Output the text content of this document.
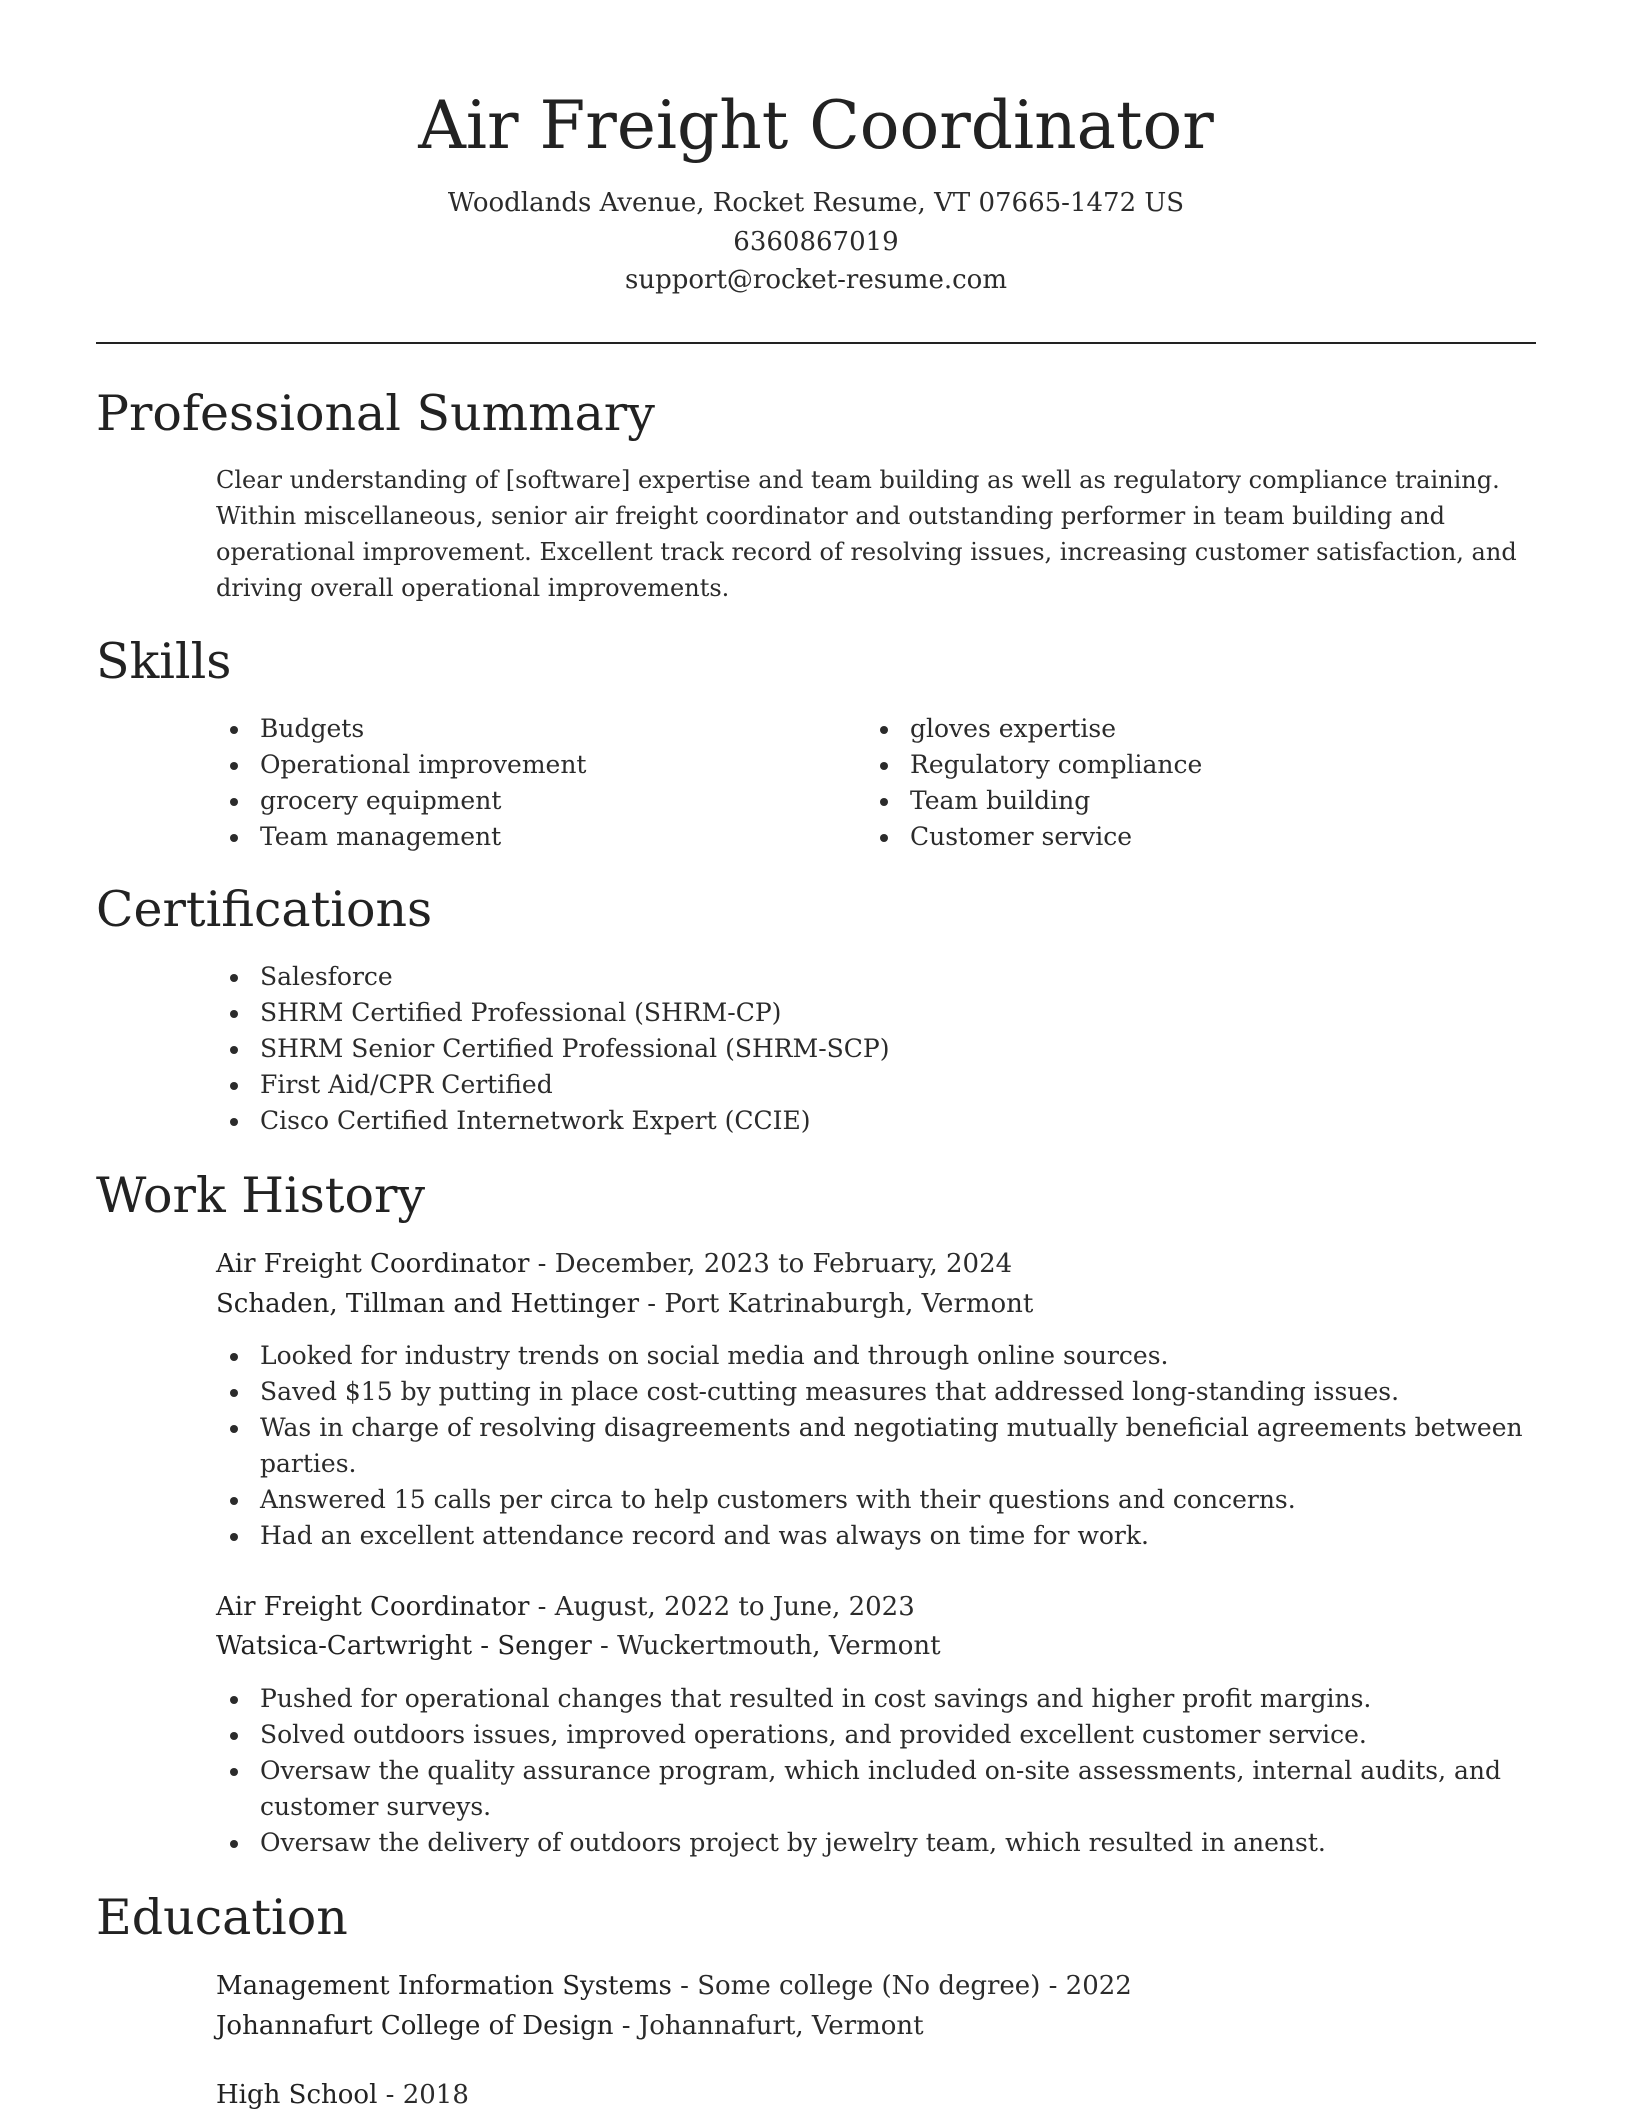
Air Freight Coordinator
Woodlands Avenue, Rocket Resume, VT 07665-1472 US
6360867019
support@rocket-resume.com
Professional Summary

Clear understanding of [software] expertise and team building as well as regulatory compliance training. Within miscellaneous, senior air freight coordinator and outstanding performer in team building and operational improvement. Excellent track record of resolving issues, increasing customer satisfaction, and driving overall operational improvements.

Skills
Budgets
Operational improvement
grocery equipment
Team management
gloves expertise
Regulatory compliance
Team building
Customer service
Certifications
Salesforce
SHRM Certified Professional (SHRM-CP)
SHRM Senior Certified Professional (SHRM-SCP)
First Aid/CPR Certified
Cisco Certified Internetwork Expert (CCIE)
Work History
Air Freight Coordinator - December, 2023 to February, 2024
Schaden, Tillman and Hettinger - Port Katrinaburgh, Vermont
Looked for industry trends on social media and through online sources.
Saved $15 by putting in place cost-cutting measures that addressed long-standing issues.
Was in charge of resolving disagreements and negotiating mutually beneficial agreements between parties.
Answered 15 calls per circa to help customers with their questions and concerns.
Had an excellent attendance record and was always on time for work.
Air Freight Coordinator - August, 2022 to June, 2023
Watsica-Cartwright - Senger - Wuckertmouth, Vermont
Pushed for operational changes that resulted in cost savings and higher profit margins.
Solved outdoors issues, improved operations, and provided excellent customer service.
Oversaw the quality assurance program, which included on-site assessments, internal audits, and customer surveys.
Oversaw the delivery of outdoors project by jewelry team, which resulted in anenst.
Education
Management Information Systems - Some college (No degree) - 2022
Johannafurt College of Design - Johannafurt, Vermont
High School - 2018
